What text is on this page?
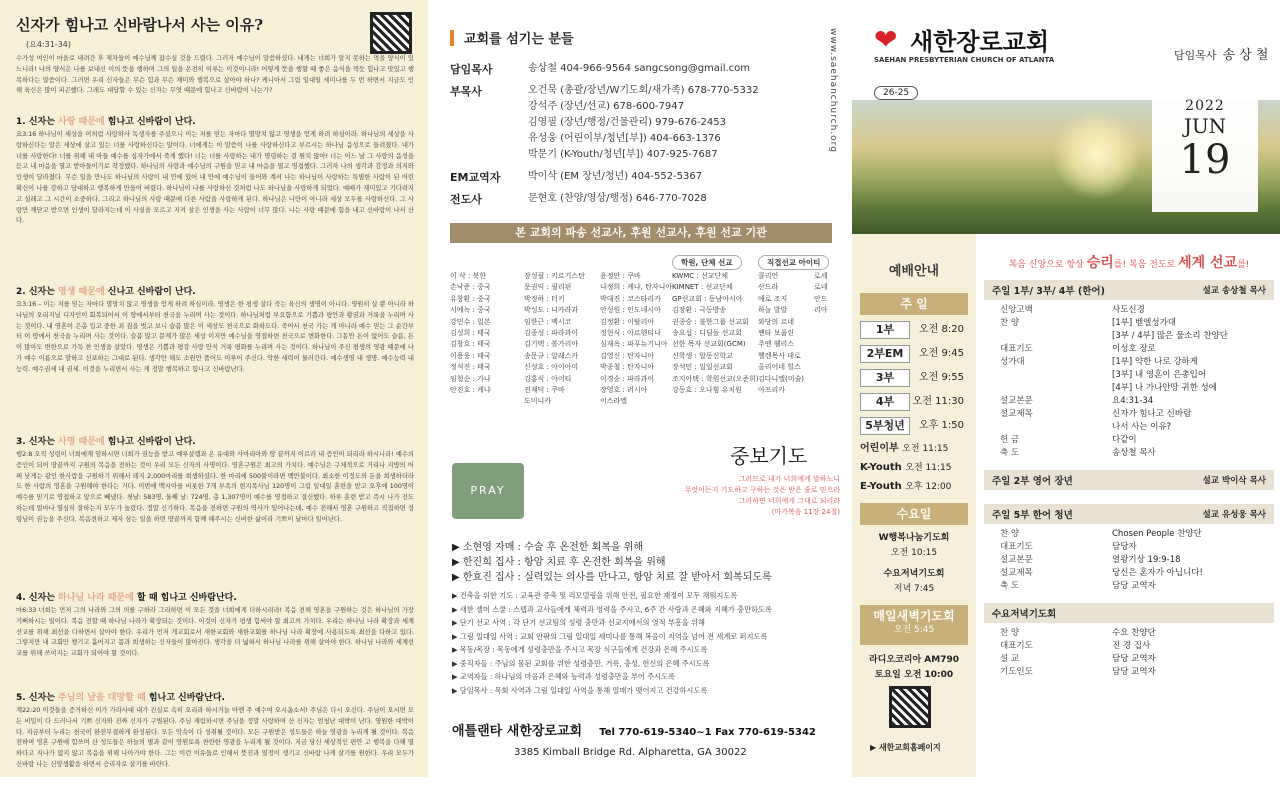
신자가 힘나고 신바람나서 사는 이유?
(요4:31-34)
수가성 여인이 마을로 내려간 후 제자들이 예수님께 잡수실 것을 드렸다. 그러자 예수님이 말씀하셨다. 내게는 너희가 알지 못하는 먹을 양식이 있느니라! 나의 양식은 나를 보내신 이의 뜻을 행하며 그의 일을 온전히 이루는 이것이니라! 어떻게 뜻을 행할 때 좋은 음식을 먹듯 힘나고 맛있고 행복하다는 말씀이다. 그러면 우리 신자들은 무슨 힘과 무슨 재미와 행복으로 살아야 하나? 케니아서 그림 일대일 세미나를 두 번 하면서 지금도 인해 육신은 많이 피곤했다. 그래도 대답할 수 있는 신자는 무엇 때문에 힘나고 신바람이 나는가?
1. 신자는 사랑 때문에 힘나고 신바람이 난다.
요3:16 하나님이 세상을 이처럼 사랑하사 독생자를 주셨으니 이는 저를 믿는 자마다 멸망치 않고 영생을 얻게 하려 하심이라. 하나님의 세상을 사랑하신다는 말은 세상에 살고 있는 너를 사랑하신다는 말이다. 너에게는 이 말씀이 나를 사랑하신다고 부르시는 하나님 음성으로 들려졌다. 내가 너를 사랑한다! 너를 위해 내 아들 예수를 십자가에서 죽게 했다! 너는 너를 사랑하는 내가 명령하는 걸 원치 않아! 너는 어느 날 그 사랑의 음성을 듣고 내 마음을 열고 받아들이기로 작정했다. 하나님의 사랑과 예수님의 구원을 믿고 내 마음을 열고 영접했다. 그러자 나의 생각과 감정과 의지와 인생이 달라졌다. 무슨 일을 만나도 하나님의 사랑이 내 안에 있어 내 안에 예수님이 들어와 계셔 나는 하나님이 사랑하는 특별한 사람이 된 어린 확신이 나를 강하고 담대하고 행복하게 만들어 버렸다. 하나님이 나를 사랑하신 것처럼 나도 하나님을 사랑하게 되었다. 예배가 재미있고 기다려지고 설레고 그 시간이 소중하다. 그리고 하나님의 사랑 때문에 다른 사람을 사랑하게 된다. 하나님은 나만이 아니라 세상 모두를 사랑하신다. 그 사랑만 깨닫고 받으면 인생이 달라지는데 이 사실을 모르고 지켜 살은 인생을 사는 사람이 너무 많다. 나는 사랑 때문에 힘을 내고 신바람이 나서 산다.
2. 신자는 영생 때문에 신나고 신바람이 난다.
요3:16 – 이는 저를 믿는 자마다 멸망치 않고 영생을 얻게 하려 하심이라. 영생은 한 평생 살다 죽는 육신의 생명이 아니다. 영원히 살 뿐 아니라 하나님의 오리지널 디자인이 회복되어서 이 땅에서부터 천국을 누리며 사는 것이다. 하나님처럼 부요함으로 기쁨과 평안과 황권과 거룩을 누리며 사는 것이다. 내 영혼이 은총 입고 중한 죄 짐을 벗고 보니 슬픔 많은 이 세상도 천국으로 화하도다. 죽어서 천국 가는 게 아니라 예수 믿는 그 순간부터 이 땅에서 천국을 누리며 사는 것이다. 슬픔 많고 문제가 많은 세상 이지만 예수님을 영접하면 천국으로 변화한다. 그동안 돈이 없어도 슬픔, 돈이 많아도 변한으로 가득 찬 인생을 살았다. 영생은 기쁨과 평강 사랑 안식 거룩 평화를 누리며 사는 것이다. 하나님이 주신 평생의 영광 때문에 나가 예수 이름으로 말하고 선포하는 그대로 된다. 생각만 해도 소원만 품어도 이루어 주신다. 악한 세력이 물러간다. 예수생명 내 생명. 예수능력 내 능력. 예수권세 내 권세. 이것을 누리면서 사는 게 정말 행복하고 힘나고 신바람난다.
3. 신자는 사명 때문에 힘나고 신바람이 난다.
행2:8 오직 성령이 너희에게 임하시면 너희가 권능을 받고 예루살렘과 온 유대와 사마리아와 땅 끝까지 이르러 내 증인이 되리라 하시니라! 예수의 증인이 되어 땅끝까지 구원의 복음을 전하는 것이 우리 모든 신자의 사명이다. 영혼구원은 최고의 가치다. 예수님은 구체적으로 거리나 지방의 어쩌 낮게는 광인 한사람을 구원하기 위해서 돼지 2,000마리를 희생하셨다. 한 마리에 500불이라면 백만불이다. 최소한 이정도의 돈을 희생하더라도 한 사람의 영혼을 구원해야 한다는 거다. 이번에 멕시아를 비롯한 7개 부족의 현지목사님 120명이 그림 일대일 훈련을 받고 오후에 100명이 예수를 믿기로 영접하고 앞으로 빼냈다. 첫날: 583명, 둘째 날: 724명, 총 1,307명이 예수를 영접하고 결신했다. 하루 훈련 받고 즉시 나가 전도하는데 얼마나 열심히 잘하는지 모두가 놀랐다. 정말 신기하다. 복음을 전하면 구원의 역사가 일어나는데, 예수 전해서 영혼 구원하고 직접하면 성령님이 권능을 주신다. 복음전하고 제자 삼는 일을 하면 땅끝까지 함께 해주시는 신비한 삶이라 기쁘이 날마다 일어난다.
4. 신자는 하나님 나라 때문에 할 때 힘나고 신바람난다.
마6:33 너희는 먼저 그의 나라와 그의 의를 구하라 그리하면 이 모든 것을 너희에게 더하시리라! 복음 전해 영혼을 구원하는 것은 하나님의 가장 기뻐하시는 일이다. 복음 전할 때 하나님 나라가 확장되는 것이다. 이것이 신자가 평생 힘써야 할 최고의 가치다. 우리는 하나님 나라 확장과 세계선교를 위해 최선을 다하면서 살아야 한다. 우리가 먼저 개교회로서 새한교회와 새한교회를 하나님 나라 확장에 사용되도록 최선을 다하고 있다. 그렇지만 내 교회만 챙기고 흩어지고 몸과 희생하는 신자들이 많아진다. 생각을 더 넓혀서 하나님 나라를 위해 살아야 한다. 하나님 나라와 세계선교를 위해 쓰여지는 교회가 되어야 할 것이다.
5. 신자는 주님의 날을 대망할 때 힘나고 신바람난다.
계22:20 이것들을 증거하신 이가 가라사대 내가 진실로 속히 오리라 하시거늘 아멘 주 예수여 오시옵소서! 주님은 다시 오신다. 주님이 오시면 모든 비밀이 다 드러나서 기쁘 신자와 진짜 신자가 구별된다. 주님 재림하시면 주님을 정말 사랑하며 산 신자는 엄청난 대박이 난다. 영원한 대박이다. 지금부터 누리는 천국이 완전무결하게 완성된다. 모든 악속이 다 성취될 것이다. 모든 구원받은 성도들은 하늘 영광을 누리게 될 것이다. 복음 전하며 영혼 구원에 힘쓰며 산 성도들은 하늘의 별과 같이 영원토록 찬란한 영광을 누리게 될 것이다. 지금 당신 세상적인 편안 고 행복을 다해 열하다고 지나가 없지 않고 복음을 위해 나아가야 한다. 그는 이런 이유들로 인해서 뜻진과 열정이 생기고 신바람 나게 살기를 원한다. 우리 모두가 신바람 나는 신앙생활을 하면서 승리자로 살기를 바란다.
교회를 섬기는 분들
담임목사	송상철 404-966-9564 sangcsong@gmail.com
부목사	오건묵 (총괄/장년/W기도회/새가족) 678-770-5332
강석주 (장년/선교) 678-600-7947
김영필 (장년/행정/건물관리) 979-676-2453
유성웅 (어린이부/청년[부]) 404-663-1376
박문기 (K-Youth/청년[부]) 407-925-7687
EM교역자	박이삭 (EM 장년/청년) 404-552-5367
전도사	문현호 (찬양/영상/행정) 646-770-7028
본 교회의 파송 선교사, 후원 선교사, 후원 선교 기관
이 삭 : 북한
손낙준 : 중국
유창환 : 중국
서예녹 : 중국
강민수 : 일본
김성희 : 태국
김창호 : 태국
이용웅 : 태국
정석진 : 태국
임철순 : 가나
안진호 : 케냐
장성필 : 키르기스탄
문권익 : 필리핀
박정하 : 터키
박성도 : 니카라과
임한근 : 멕시코
김종성 : 파라과이
김기택 : 볼가리아
송문규 : 알래스카
신성호 : 아이아미
김홍식 : 아이티
전재덕 : 쿠바
도미니카
윤정만 : 쿠바
나정희 : 케냐, 탄자니아
박대진 : 코스타리카
안성원 : 인도네시아
김정환 : 이탈리아
정현식 : 아르헨티나
심재옥 : 파푸뉴기니아
김영신 : 탄자니아
박종철 : 탄자니아
이경승 : 파라과이
장영호 : 러시아
이스라엘
KWMC : 선교단체
KIMNET : 선교단체
GP선교회 : 동남아시아
김장환 : 극동방송
권종승 : 불한그룹 선교회
송요섭 : 디딤돌 선교회
선한 목자 선교회(GCM)
신학생 : 합동신학교
장석민 : 일일선교회
조지아택 : 학원선교(오준희)
강동효 : 오나힘 유치원
콜리언
산드라
애로 조지
하늘 발발
와당의 르네
쌘타 보울린
주엔 웰리스
헬렌목사 데로
올리어네 힐스
김다니엘(미술)
아프리카
로세로네
안드리아
학원, 단체 선교	직접선교 아이티
PRAY
중보기도
그러므로 내가 너희에게 말하노니
무엇이든지 기도하고 구하는 것은 받은 줄로 믿으라
그리하면 너희에게 그대로 되리라
(마가복음 11장 24절)
▶ 소현영 자매 : 수술 후 온전한 회복을 위해
▶ 한진희 집사 : 항암 치료 후 온전한 회복을 위해
▶ 한효진 집사 : 실력있는 의사를 만나고, 항암 치료 잘 받아서 회복되도록
▶ 건축을 위한 기도 : 교육관 증축 및 리모델링을 위해 안전, 필요한 재정이 모두 채워지도록
▶ 새한 셀머 스쿨 : 스텝과 교사들에게 체력과 영력을 주시고, 6주 간 사랑과 은혜와 지혜가 충만하도록
▶ 단기 선교 사역 : 각 단기 선교팀의 성령 충만과 선교지에서의 영적 부흥을 위해
▶ 그림 일대일 사역 : 교회 안팎의 그림 일대일 세미나를 통해 복음이 지역을 넘어 전 세계로 퍼지도록
▶ 목동/목장 : 목동에게 성령충만을 주시고 목장 식구들에게 건강과 은혜 주시도록
▶ 중직자들 : 주님의 몸된 교회를 위한 성령충만, 거룩, 충성, 헌신의 은혜 주시도록
▶ 교역자들 : 하나님의 마음과 은혜와 능력과 성령충만을 부어 주시도록
▶ 담임목사 : 목회 사역과 그림 일대일 사역을 통해 열매가 맺어지고 건강하시도록
애틀랜타 새한장로교회 Tel 770-619-5340~1 Fax 770-619-5342
3385 Kimball Bridge Rd. Alpharetta, GA 30022
www.saehanchurch.org ❤ 새한장로교회
SAEHAN PRESBYTERIAN CHURCH OF ATLANTA	담임목사 송 상 철
26-25
2022
JUN
19
예배안내
주 일
1부	오전 8:20
2부EM	오전 9:45
3부	오전 9:55
4부	오전 11:30
5부청년	오후 1:50
어린이부 오전 11:15
K-Youth 오전 11:15
E-Youth 오후 12:00
수요일
W행복나눔기도회
오전 10:15
수요저녁기도회
저녁 7:45
매일새벽기도회
오전 5:45
라디오코리아 AM790
토요일 오전 10:00
▶ 새한교회홈페이지
복음 신앙으로 항상 승리를! 복음 전도로 세계 선교를!
주일 1부/ 3부/ 4부 (한어)	설교 송상철 목사
신앙고백	사도신경
찬 양	[1부] 벧엘성가대
[3부 / 4부] 많은 물소리 찬양단
대표기도	이성호 장로
성가대	[1부] 약한 나로 강하게
[3부] 내 영혼이 은총입어
[4부] 나 가나안땅 귀한 성에
설교본문	요4:31-34
설교제목	신자가 힘나고 신바람
나서 사는 이유?
헌 금	다같이
축 도	송상철 목사
주일 2부 영어 장년	설교 박이삭 목사
주일 5부 한어 청년	설교 유성웅 목사
찬 양	Chosen People 찬양단
대표기도	담당자
설교본문	열왕기상 19:9-18
설교제목	당신은 혼자가 아닙니다!
축 도	담당 교역자
수요저녁기도회
찬 양	수요 찬양단
대표기도	진 경 집사
설 교	담당 교역자
기도인도	담당 교역자
